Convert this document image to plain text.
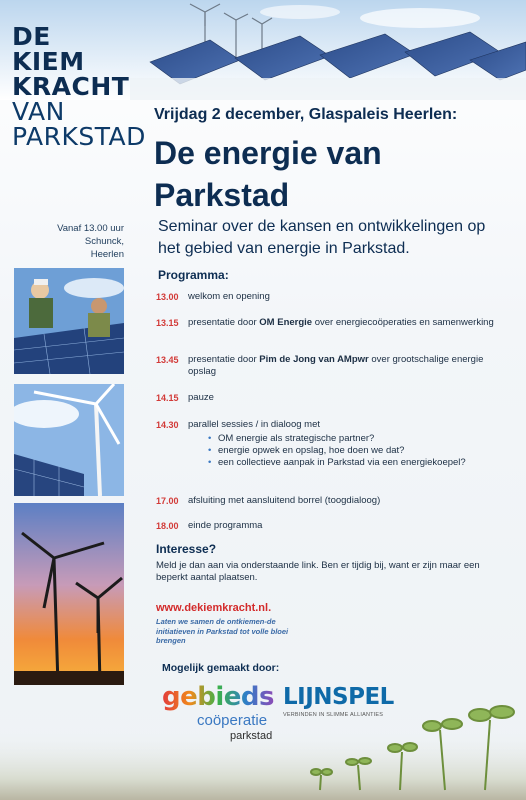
DE
KIEM
KRACHT
VAN
PARKSTAD
Vrijdag 2 december, Glaspaleis Heerlen:
De energie van Parkstad
Seminar over de kansen en ontwikkelingen op het gebied van energie in Parkstad.
Vanaf 13.00 uur
Schunck,
Heerlen
Programma:
13.00 welkom en opening
13.15 presentatie door OM Energie over energiecoöperaties en samenwerking
13.45 presentatie door Pim de Jong van AMpwr over grootschalige energie opslag
14.15 pauze
14.30 parallel sessies / in dialoog met
• OM energie als strategische partner?
• energie opwek en opslag, hoe doen we dat?
• een collectieve aanpak in Parkstad via een energiekoepel?
17.00 afsluiting met aansluitend borrel (toogdialoog)
18.00 einde programma
Interesse?
Meld je dan aan via onderstaande link. Ben er tijdig bij, want er zijn maar een beperkt aantal plaatsen.
www.dekiemkracht.nl.
Laten we samen de ontkiemen-de initiatieven in Parkstad tot volle bloei brengen
Mogelijk gemaakt door:
gebieds
coöperatie
parkstad
LIJNSPEL
VERBINDEN IN SLIMME ALLIANTIES
